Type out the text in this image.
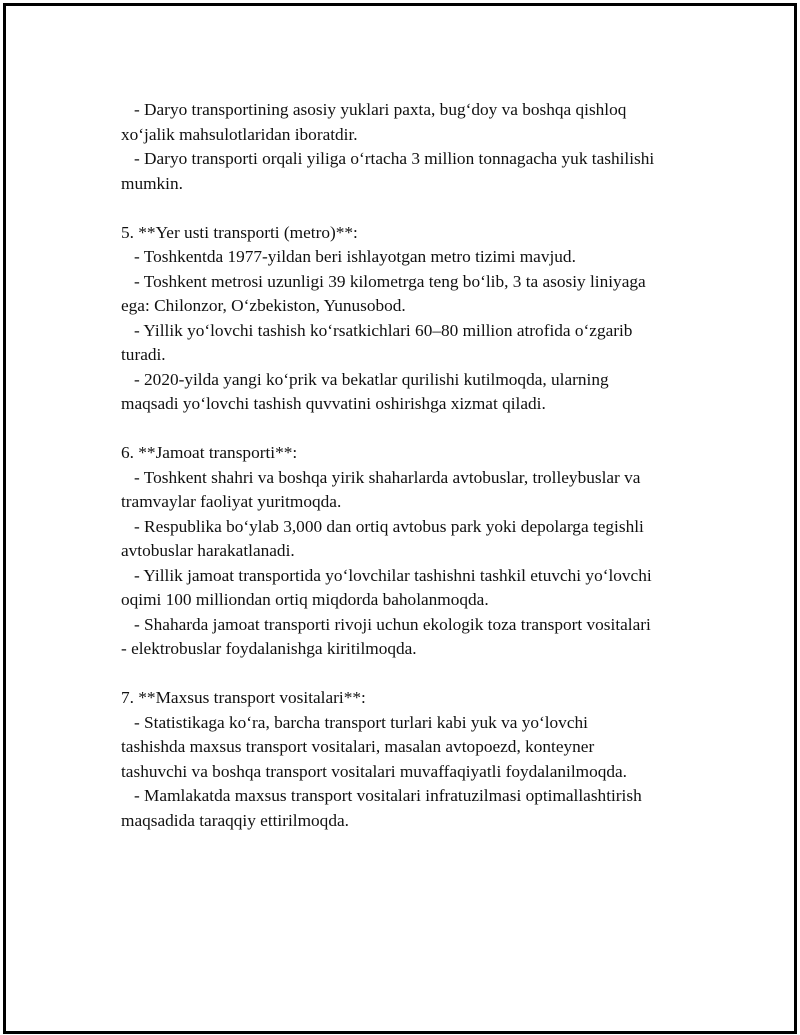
- Daryo transportining asosiy yuklari paxta, bug‘doy va boshqa qishloq
xo‘jalik mahsulotlaridan iboratdir.
- Daryo transporti orqali yiliga o‘rtacha 3 million tonnagacha yuk tashilishi
mumkin.
5. **Yer usti transporti (metro)**:
- Toshkentda 1977-yildan beri ishlayotgan metro tizimi mavjud.
- Toshkent metrosi uzunligi 39 kilometrga teng bo‘lib, 3 ta asosiy liniyaga
ega: Chilonzor, O‘zbekiston, Yunusobod.
- Yillik yo‘lovchi tashish ko‘rsatkichlari 60–80 million atrofida o‘zgarib
turadi.
- 2020-yilda yangi ko‘prik va bekatlar qurilishi kutilmoqda, ularning
maqsadi yo‘lovchi tashish quvvatini oshirishga xizmat qiladi.
6. **Jamoat transporti**:
- Toshkent shahri va boshqa yirik shaharlarda avtobuslar, trolleybuslar va
tramvaylar faoliyat yuritmoqda.
- Respublika bo‘ylab 3,000 dan ortiq avtobus park yoki depolarga tegishli
avtobuslar harakatlanadi.
- Yillik jamoat transportida yo‘lovchilar tashishni tashkil etuvchi yo‘lovchi
oqimi 100 milliondan ortiq miqdorda baholanmoqda.
- Shaharda jamoat transporti rivoji uchun ekologik toza transport vositalari
- elektrobuslar foydalanishga kiritilmoqda.
7. **Maxsus transport vositalari**:
- Statistikaga ko‘ra, barcha transport turlari kabi yuk va yo‘lovchi
tashishda maxsus transport vositalari, masalan avtopoezd, konteyner
tashuvchi va boshqa transport vositalari muvaffaqiyatli foydalanilmoqda.
- Mamlakatda maxsus transport vositalari infratuzilmasi optimallashtirish
maqsadida taraqqiy ettirilmoqda.
